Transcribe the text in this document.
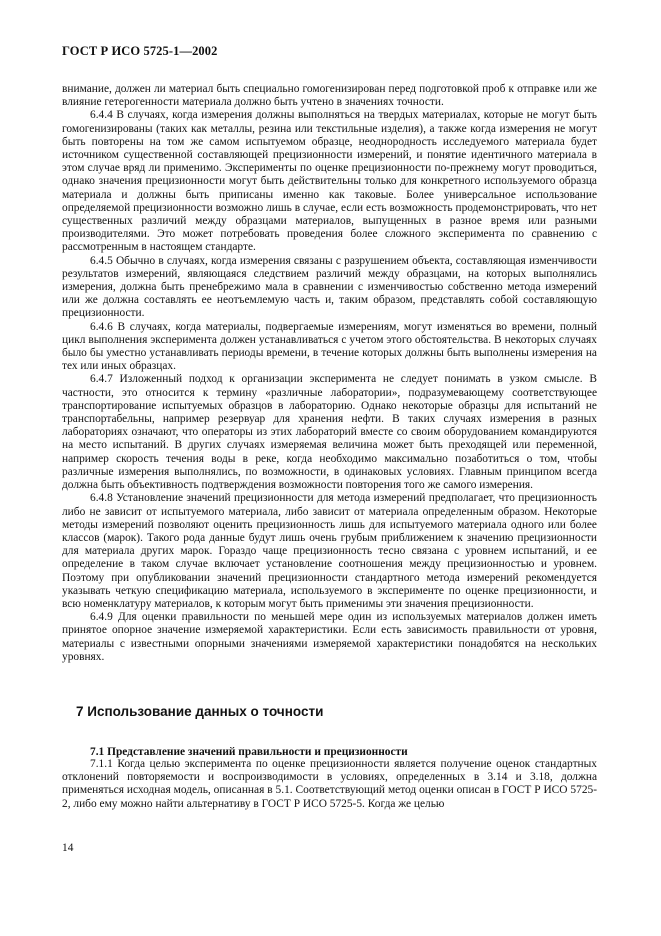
ГОСТ Р ИСО 5725-1—2002

внимание, должен ли материал быть специально гомогенизирован перед подготовкой проб к отправке или же влияние гетерогенности материала должно быть учтено в значениях точности.

6.4.4 В случаях, когда измерения должны выполняться на твердых материалах, которые не могут быть гомогенизированы (таких как металлы, резина или текстильные изделия), а также когда измерения не могут быть повторены на том же самом испытуемом образце, неоднородность исследуемого материала будет источником существенной составляющей прецизионности измерений, и понятие идентичного материала в этом случае вряд ли применимо. Эксперименты по оценке прецизионности по-прежнему могут проводиться, однако значения прецизионности могут быть действительны только для конкретного используемого образца материала и должны быть приписаны именно как таковые. Более универсальное использование определяемой прецизионности возможно лишь в случае, если есть возможность продемонстрировать, что нет существенных различий между образцами материалов, выпущенных в разное время или разными производителями. Это может потребовать проведения более сложного эксперимента по сравнению с рассмотренным в настоящем стандарте.

6.4.5 Обычно в случаях, когда измерения связаны с разрушением объекта, составляющая изменчивости результатов измерений, являющаяся следствием различий между образцами, на которых выполнялись измерения, должна быть пренебрежимо мала в сравнении с изменчивостью собственно метода измерений или же должна составлять ее неотъемлемую часть и, таким образом, представлять собой составляющую прецизионности.

6.4.6 В случаях, когда материалы, подвергаемые измерениям, могут изменяться во времени, полный цикл выполнения эксперимента должен устанавливаться с учетом этого обстоятельства. В некоторых случаях было бы уместно устанавливать периоды времени, в течение которых должны быть выполнены измерения на тех или иных образцах.

6.4.7 Изложенный подход к организации эксперимента не следует понимать в узком смысле. В частности, это относится к термину «различные лаборатории», подразумевающему соответствующее транспортирование испытуемых образцов в лабораторию. Однако некоторые образцы для испытаний не транспортабельны, например резервуар для хранения нефти. В таких случаях измерения в разных лабораториях означают, что операторы из этих лабораторий вместе со своим оборудованием командируются на место испытаний. В других случаях измеряемая величина может быть преходящей или переменной, например скорость течения воды в реке, когда необходимо максимально позаботиться о том, чтобы различные измерения выполнялись, по возможности, в одинаковых условиях. Главным принципом всегда должна быть объективность подтверждения возможности повторения того же самого измерения.

6.4.8 Установление значений прецизионности для метода измерений предполагает, что прецизионность либо не зависит от испытуемого материала, либо зависит от материала определенным образом. Некоторые методы измерений позволяют оценить прецизионность лишь для испытуемого материала одного или более классов (марок). Такого рода данные будут лишь очень грубым приближением к значению прецизионности для материала других марок. Гораздо чаще прецизионность тесно связана с уровнем испытаний, и ее определение в таком случае включает установление соотношения между прецизионностью и уровнем. Поэтому при опубликовании значений прецизионности стандартного метода измерений рекомендуется указывать четкую спецификацию материала, используемого в эксперименте по оценке прецизионности, и всю номенклатуру материалов, к которым могут быть применимы эти значения прецизионности.

6.4.9 Для оценки правильности по меньшей мере один из используемых материалов должен иметь принятое опорное значение измеряемой характеристики. Если есть зависимость правильности от уровня, материалы с известными опорными значениями измеряемой характеристики понадобятся на нескольких уровнях.

7 Использование данных о точности
7.1 Представление значений правильности и прецизионности

7.1.1 Когда целью эксперимента по оценке прецизионности является получение оценок стандартных отклонений повторяемости и воспроизводимости в условиях, определенных в 3.14 и 3.18, должна применяться исходная модель, описанная в 5.1. Соответствующий метод оценки описан в ГОСТ Р ИСО 5725-2, либо ему можно найти альтернативу в ГОСТ Р ИСО 5725-5. Когда же целью

14
